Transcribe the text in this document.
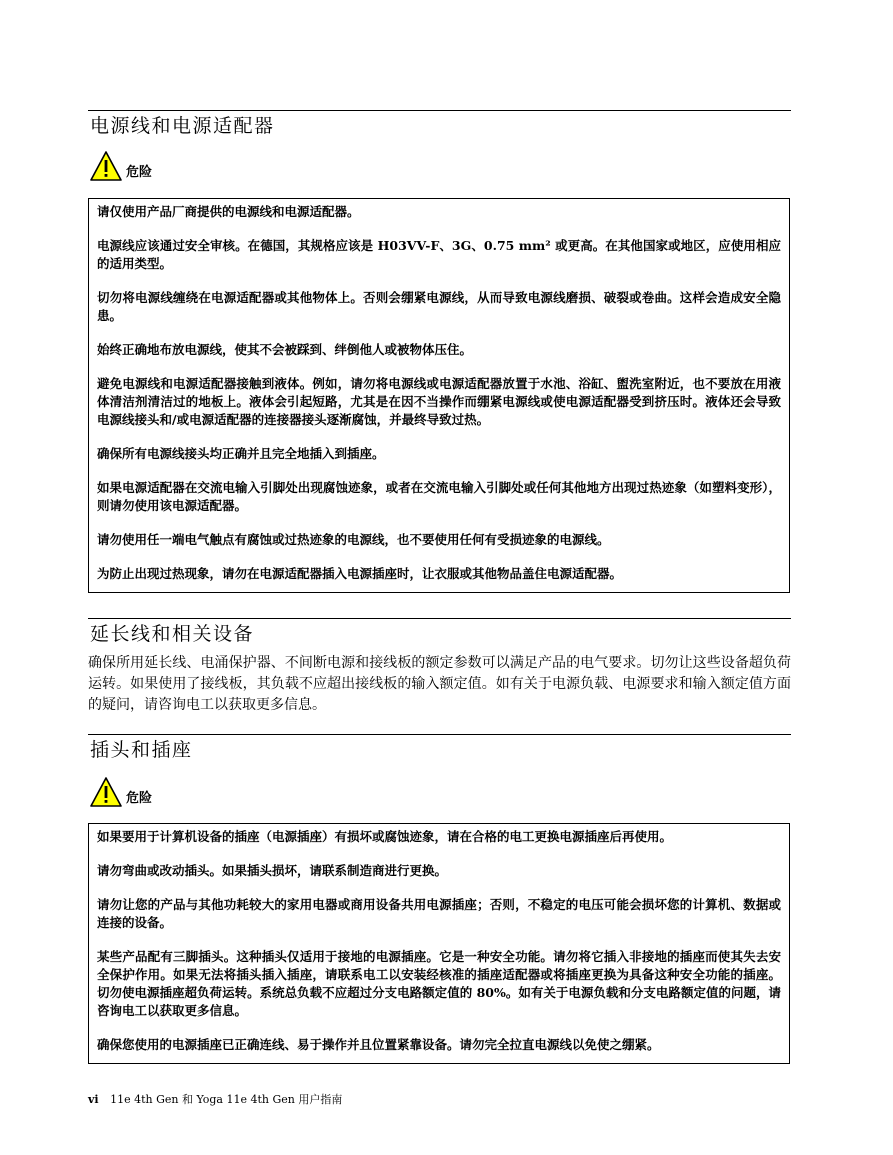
电源线和电源适配器
危险

请仅使用产品厂商提供的电源线和电源适配器。

电源线应该通过安全审核。在德国，其规格应该是 H03VV-F、3G、0.75 mm² 或更高。在其他国家或地区，应使用相应的适用类型。

切勿将电源线缠绕在电源适配器或其他物体上。否则会绷紧电源线，从而导致电源线磨损、破裂或卷曲。这样会造成安全隐患。

始终正确地布放电源线，使其不会被踩到、绊倒他人或被物体压住。

避免电源线和电源适配器接触到液体。例如，请勿将电源线或电源适配器放置于水池、浴缸、盥洗室附近，也不要放在用液体清洁剂清洁过的地板上。液体会引起短路，尤其是在因不当操作而绷紧电源线或使电源适配器受到挤压时。液体还会导致电源线接头和/或电源适配器的连接器接头逐渐腐蚀，并最终导致过热。

确保所有电源线接头均正确并且完全地插入到插座。

如果电源适配器在交流电输入引脚处出现腐蚀迹象，或者在交流电输入引脚处或任何其他地方出现过热迹象（如塑料变形），则请勿使用该电源适配器。

请勿使用任一端电气触点有腐蚀或过热迹象的电源线，也不要使用任何有受损迹象的电源线。

为防止出现过热现象，请勿在电源适配器插入电源插座时，让衣服或其他物品盖住电源适配器。

延长线和相关设备

确保所用延长线、电涌保护器、不间断电源和接线板的额定参数可以满足产品的电气要求。切勿让这些设备超负荷运转。如果使用了接线板，其负载不应超出接线板的输入额定值。如有关于电源负载、电源要求和输入额定值方面的疑问，请咨询电工以获取更多信息。

插头和插座
危险

如果要用于计算机设备的插座（电源插座）有损坏或腐蚀迹象，请在合格的电工更换电源插座后再使用。

请勿弯曲或改动插头。如果插头损坏，请联系制造商进行更换。

请勿让您的产品与其他功耗较大的家用电器或商用设备共用电源插座；否则，不稳定的电压可能会损坏您的计算机、数据或连接的设备。

某些产品配有三脚插头。这种插头仅适用于接地的电源插座。它是一种安全功能。请勿将它插入非接地的插座而使其失去安全保护作用。如果无法将插头插入插座，请联系电工以安装经核准的插座适配器或将插座更换为具备这种安全功能的插座。切勿使电源插座超负荷运转。系统总负载不应超过分支电路额定值的 80%。如有关于电源负载和分支电路额定值的问题，请咨询电工以获取更多信息。

确保您使用的电源插座已正确连线、易于操作并且位置紧靠设备。请勿完全拉直电源线以免使之绷紧。

vi 11e 4th Gen 和 Yoga 11e 4th Gen 用户指南
